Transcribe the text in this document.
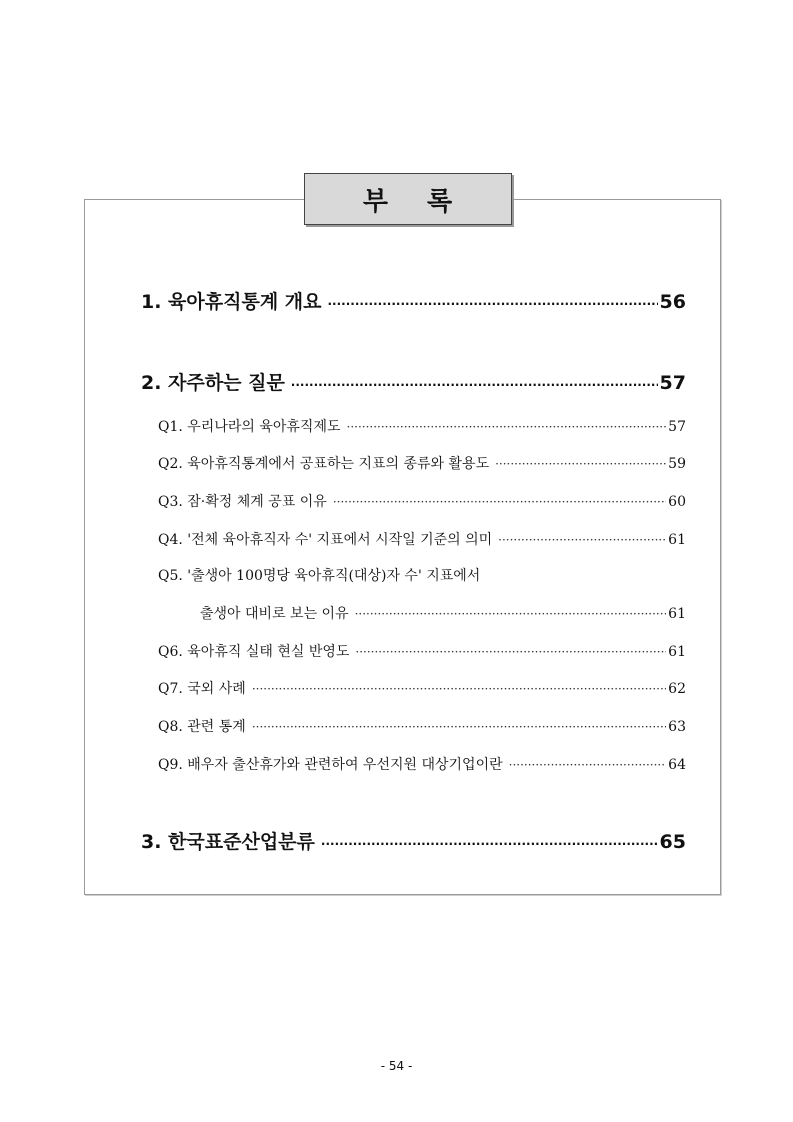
부 록
1. 육아휴직통계 개요 ·····	56
2. 자주하는 질문 ·····	57
Q1. 우리나라의 육아휴직제도 ·····	57
Q2. 육아휴직통계에서 공표하는 지표의 종류와 활용도 ·····	59
Q3. 잠·확정 체계 공표 이유 ·····	60
Q4. '전체 육아휴직자 수' 지표에서 시작일 기준의 의미 ·····	61
Q5. '출생아 100명당 육아휴직(대상)자 수' 지표에서
출생아 대비로 보는 이유 ·····	61
Q6. 육아휴직 실태 현실 반영도 ·····	61
Q7. 국외 사례 ·····	62
Q8. 관련 통계 ·····	63
Q9. 배우자 출산휴가와 관련하여 우선지원 대상기업이란 ·····	64
3. 한국표준산업분류 ·····	65
- 54 -
